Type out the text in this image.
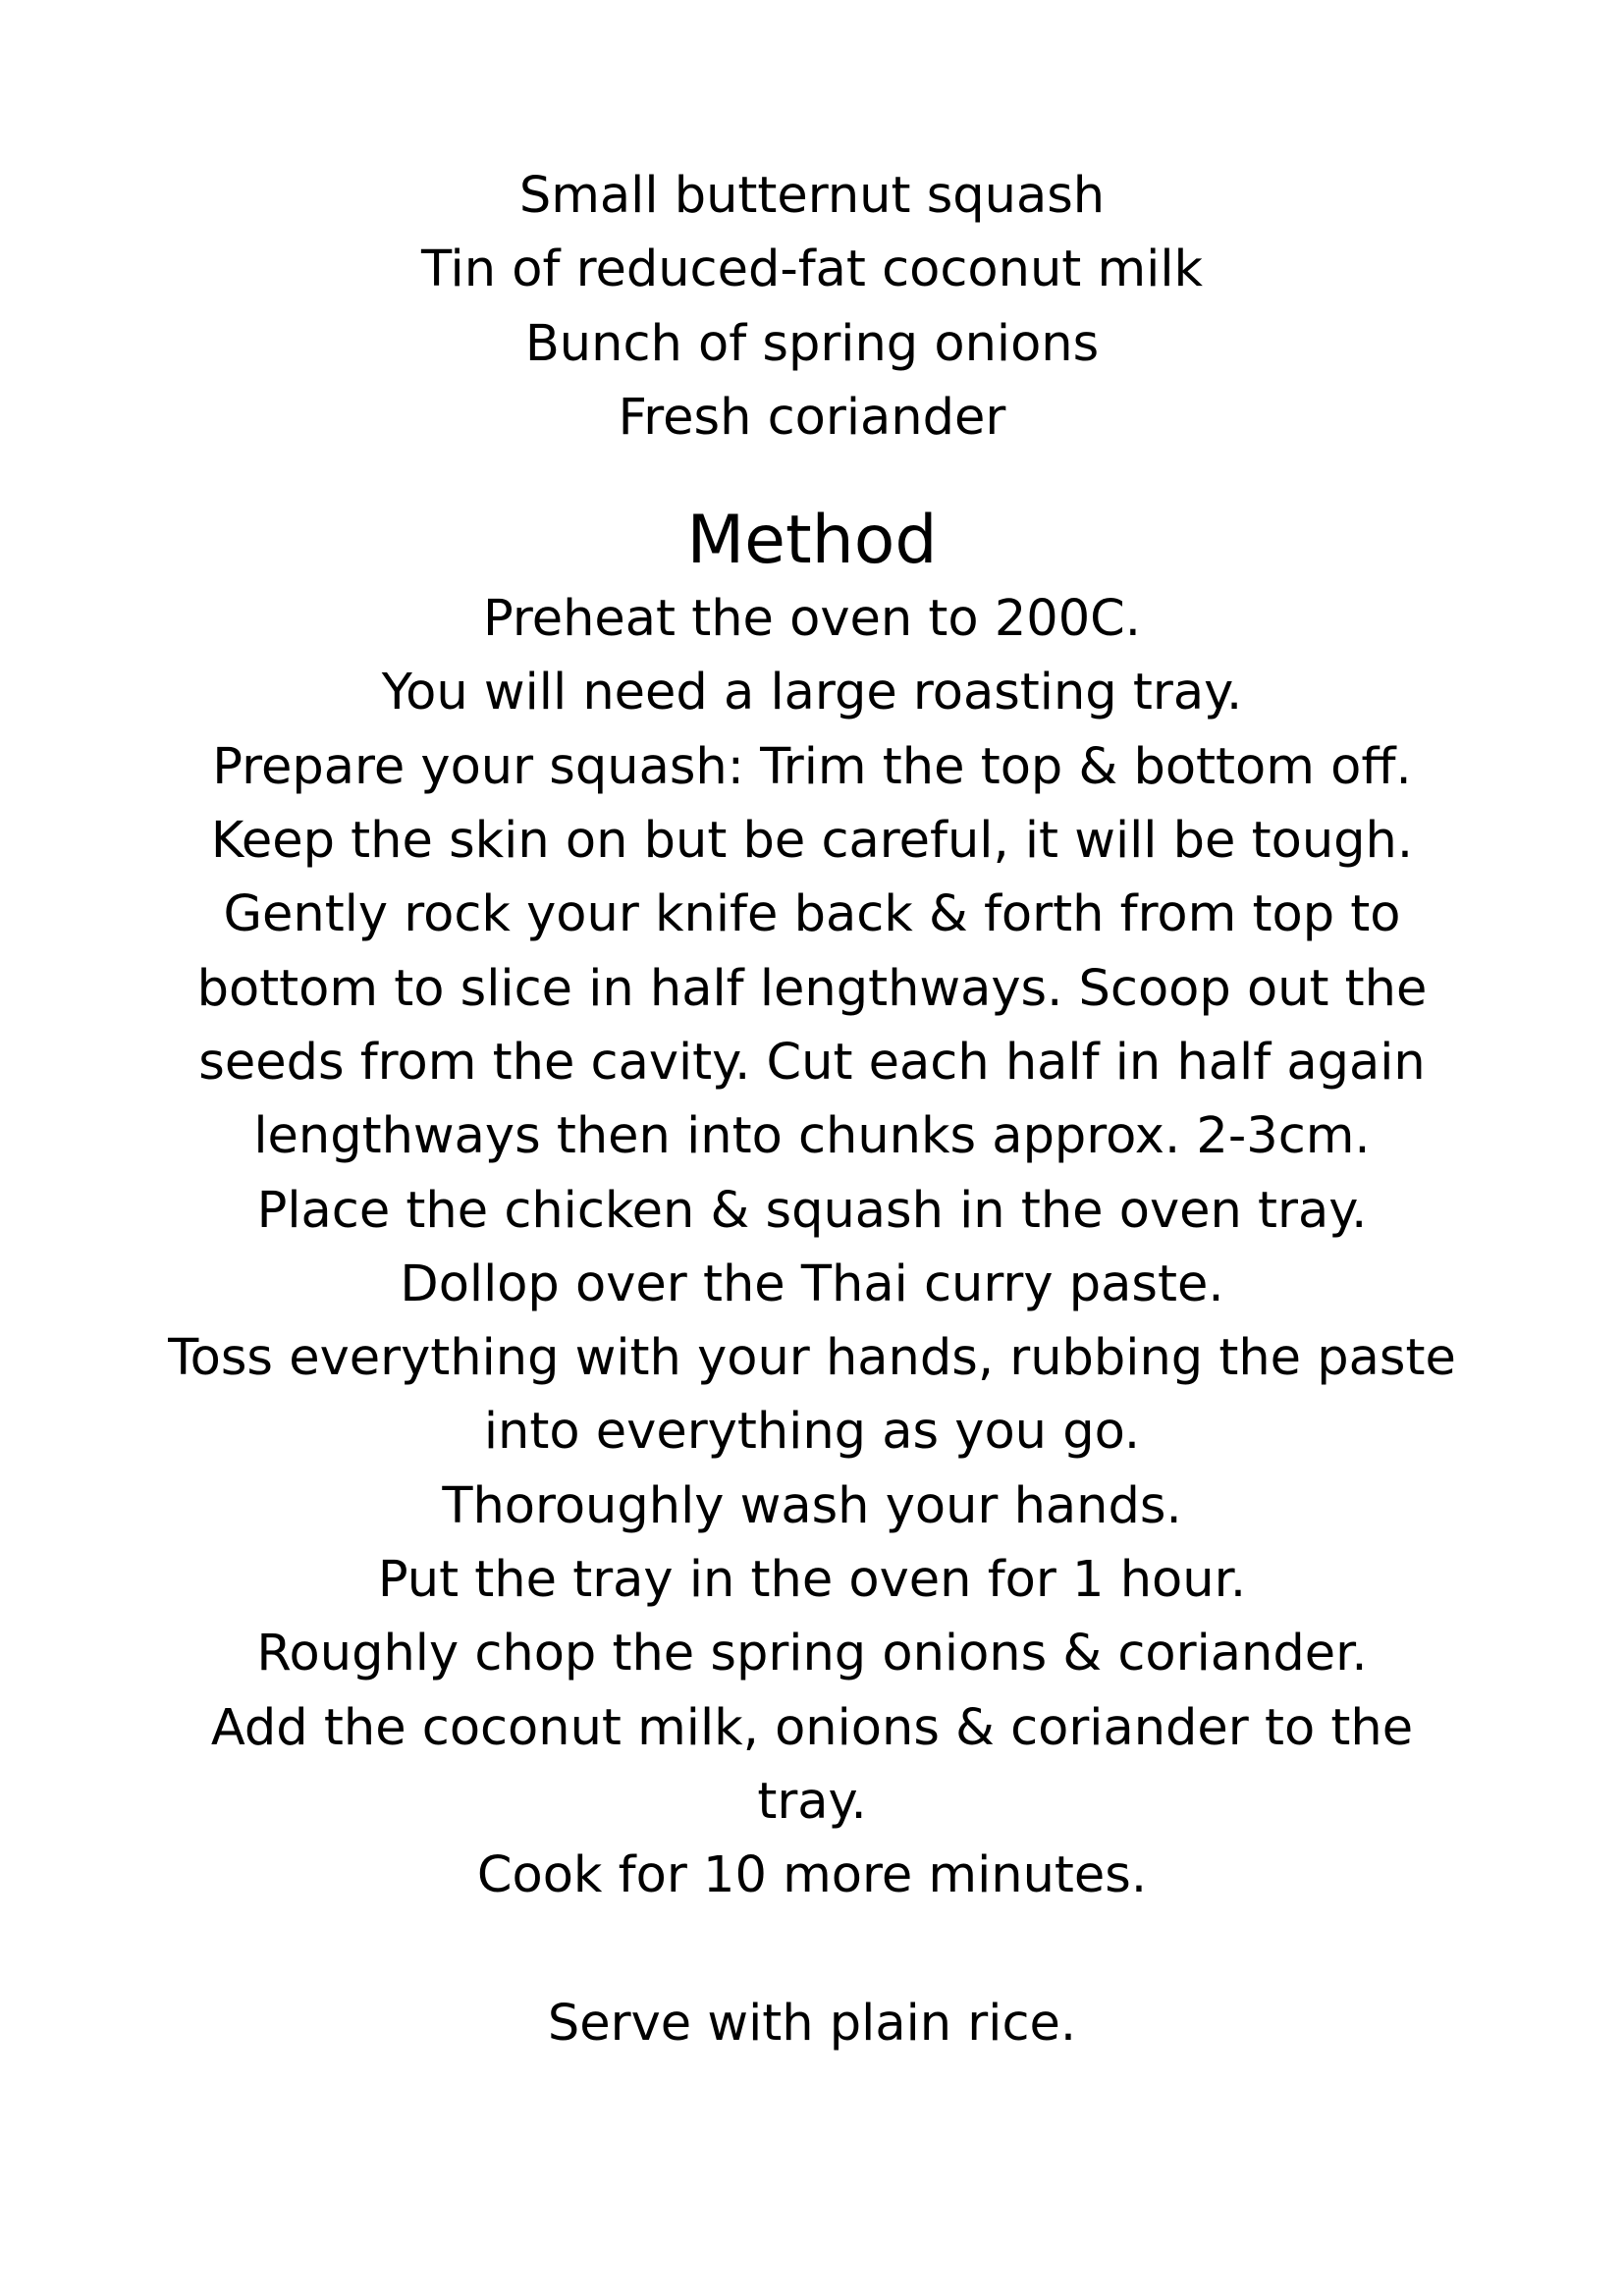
Small butternut squash
Tin of reduced-fat coconut milk
Bunch of spring onions
Fresh coriander
Method
Preheat the oven to 200C.
You will need a large roasting tray.
Prepare your squash: Trim the top & bottom off.
Keep the skin on but be careful, it will be tough.
Gently rock your knife back & forth from top to
bottom to slice in half lengthways. Scoop out the
seeds from the cavity. Cut each half in half again
lengthways then into chunks approx. 2-3cm.
Place the chicken & squash in the oven tray.
Dollop over the Thai curry paste.
Toss everything with your hands, rubbing the paste
into everything as you go.
Thoroughly wash your hands.
Put the tray in the oven for 1 hour.
Roughly chop the spring onions & coriander.
Add the coconut milk, onions & coriander to the
tray.
Cook for 10 more minutes.
Serve with plain rice.
